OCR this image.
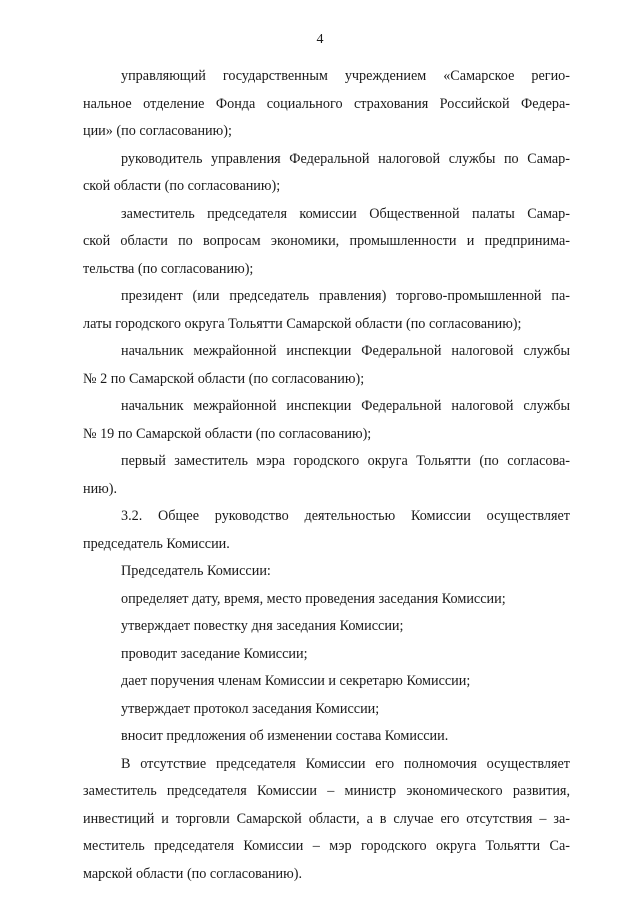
4
управляющий государственным учреждением «Самарское регио-
нальное отделение Фонда социального страхования Российской Федера-
ции» (по согласованию);
руководитель управления Федеральной налоговой службы по Самар-
ской области (по согласованию);
заместитель председателя комиссии Общественной палаты Самар-
ской области по вопросам экономики, промышленности и предпринима-
тельства (по согласованию);
президент (или председатель правления) торгово-промышленной па-
латы городского округа Тольятти Самарской области (по согласованию);
начальник межрайонной инспекции Федеральной налоговой службы
№ 2 по Самарской области (по согласованию);
начальник межрайонной инспекции Федеральной налоговой службы
№ 19 по Самарской области (по согласованию);
первый заместитель мэра городского округа Тольятти (по согласова-
нию).
3.2. Общее руководство деятельностью Комиссии осуществляет
председатель Комиссии.
Председатель Комиссии:
определяет дату, время, место проведения заседания Комиссии;
утверждает повестку дня заседания Комиссии;
проводит заседание Комиссии;
дает поручения членам Комиссии и секретарю Комиссии;
утверждает протокол заседания Комиссии;
вносит предложения об изменении состава Комиссии.
В отсутствие председателя Комиссии его полномочия осуществляет
заместитель председателя Комиссии – министр экономического развития,
инвестиций и торговли Самарской области, а в случае его отсутствия – за-
меститель председателя Комиссии – мэр городского округа Тольятти Са-
марской области (по согласованию).
